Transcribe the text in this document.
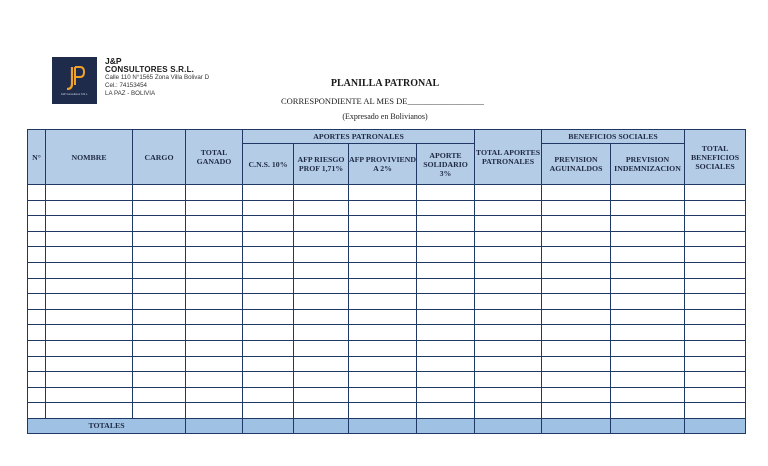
J&P Consultores S.R.L.
J&P
CONSULTORES S.R.L.
Calle 110 N°1565 Zona Villa Bolivar D
Cel.: 74153454
LA PAZ - BOLIVIA
PLANILLA PATRONAL
CORRESPONDIENTE AL MES DE__________________
(Expresado en Bolivianos)
N°	NOMBRE	CARGO	TOTAL GANADO	APORTES PATRONALES				TOTAL APORTES PATRONALES	BENEFICIOS SOCIALES		TOTAL BENEFICIOS SOCIALES
				C.N.S. 10%	AFP RIESGO PROF 1,71%	AFP PROVIVIEND A 2%	APORTE SOLIDARIO 3%		PREVISION AGUINALDOS	PREVISION INDEMNIZACION	

TOTALES											
